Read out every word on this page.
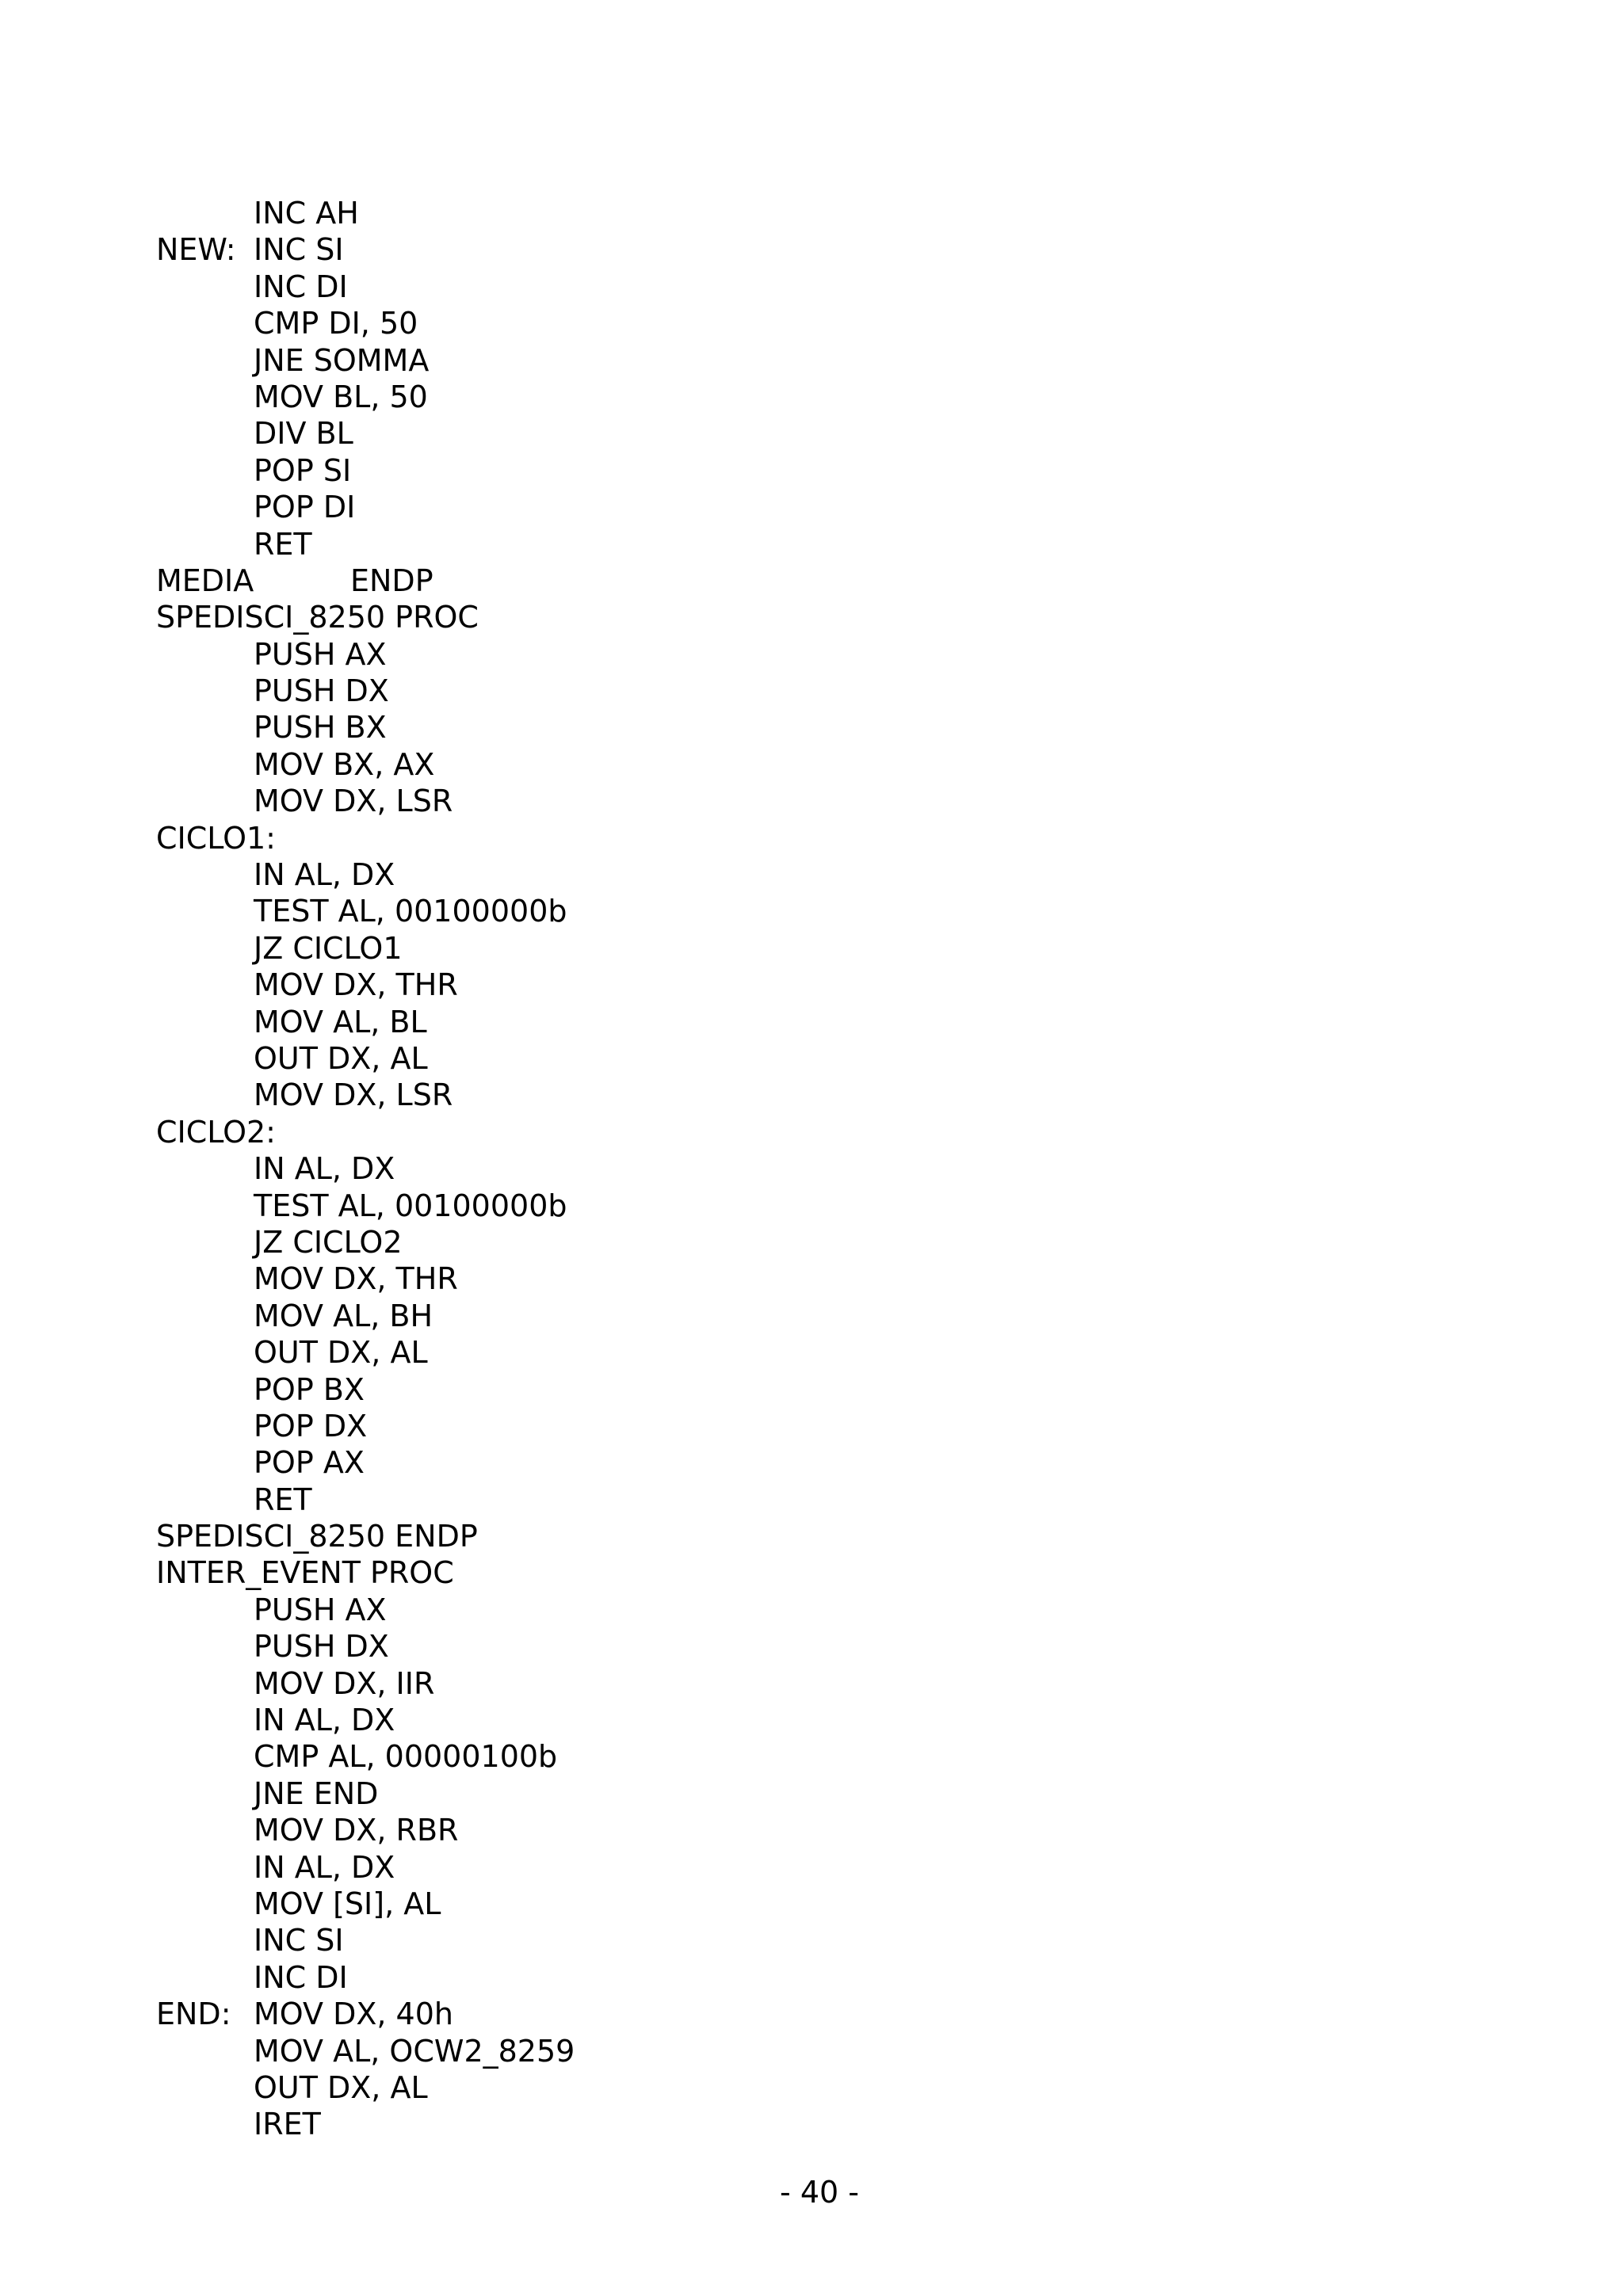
INC AH
NEW: INC SI
INC DI
CMP DI, 50
JNE SOMMA
MOV BL, 50
DIV BL
POP SI
POP DI
RET
MEDIA	ENDP
SPEDISCI_8250 PROC
PUSH AX
PUSH DX
PUSH BX
MOV BX, AX
MOV DX, LSR
CICLO1:
IN AL, DX
TEST AL, 00100000b
JZ CICLO1
MOV DX, THR
MOV AL, BL
OUT DX, AL
MOV DX, LSR
CICLO2:
IN AL, DX
TEST AL, 00100000b
JZ CICLO2
MOV DX, THR
MOV AL, BH
OUT DX, AL
POP BX
POP DX
POP AX
RET
SPEDISCI_8250 ENDP
INTER_EVENT PROC
PUSH AX
PUSH DX
MOV DX, IIR
IN AL, DX
CMP AL, 00000100b
JNE END
MOV DX, RBR
IN AL, DX
MOV [SI], AL
INC SI
INC DI
END: MOV DX, 40h
MOV AL, OCW2_8259
OUT DX, AL
IRET
- 40 -
